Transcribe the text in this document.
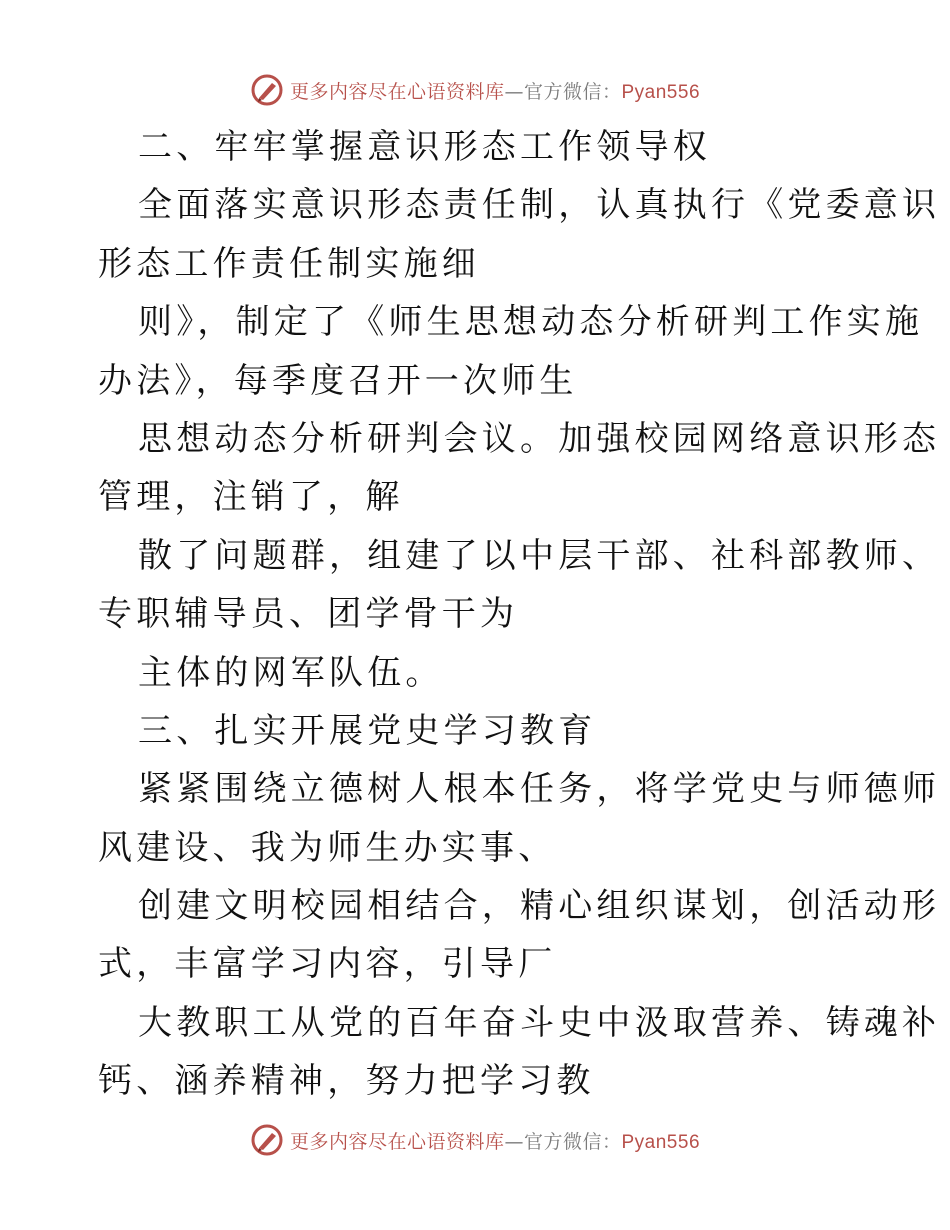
更多内容尽在心语资料库—官方微信：Pyan556
二、牢牢掌握意识形态工作领导权
全面落实意识形态责任制，认真执行《党委意识
形态工作责任制实施细
则》，制定了《师生思想动态分析研判工作实施
办法》，每季度召开一次师生
思想动态分析研判会议。加强校园网络意识形态
管理，注销了，解
散了问题群，组建了以中层干部、社科部教师、
专职辅导员、团学骨干为
主体的网军队伍。
三、扎实开展党史学习教育
紧紧围绕立德树人根本任务，将学党史与师德师
风建设、我为师生办实事、
创建文明校园相结合，精心组织谋划，创活动形
式，丰富学习内容，引导厂
大教职工从党的百年奋斗史中汲取营养、铸魂补
钙、涵养精神，努力把学习教
更多内容尽在心语资料库—官方微信：Pyan556
